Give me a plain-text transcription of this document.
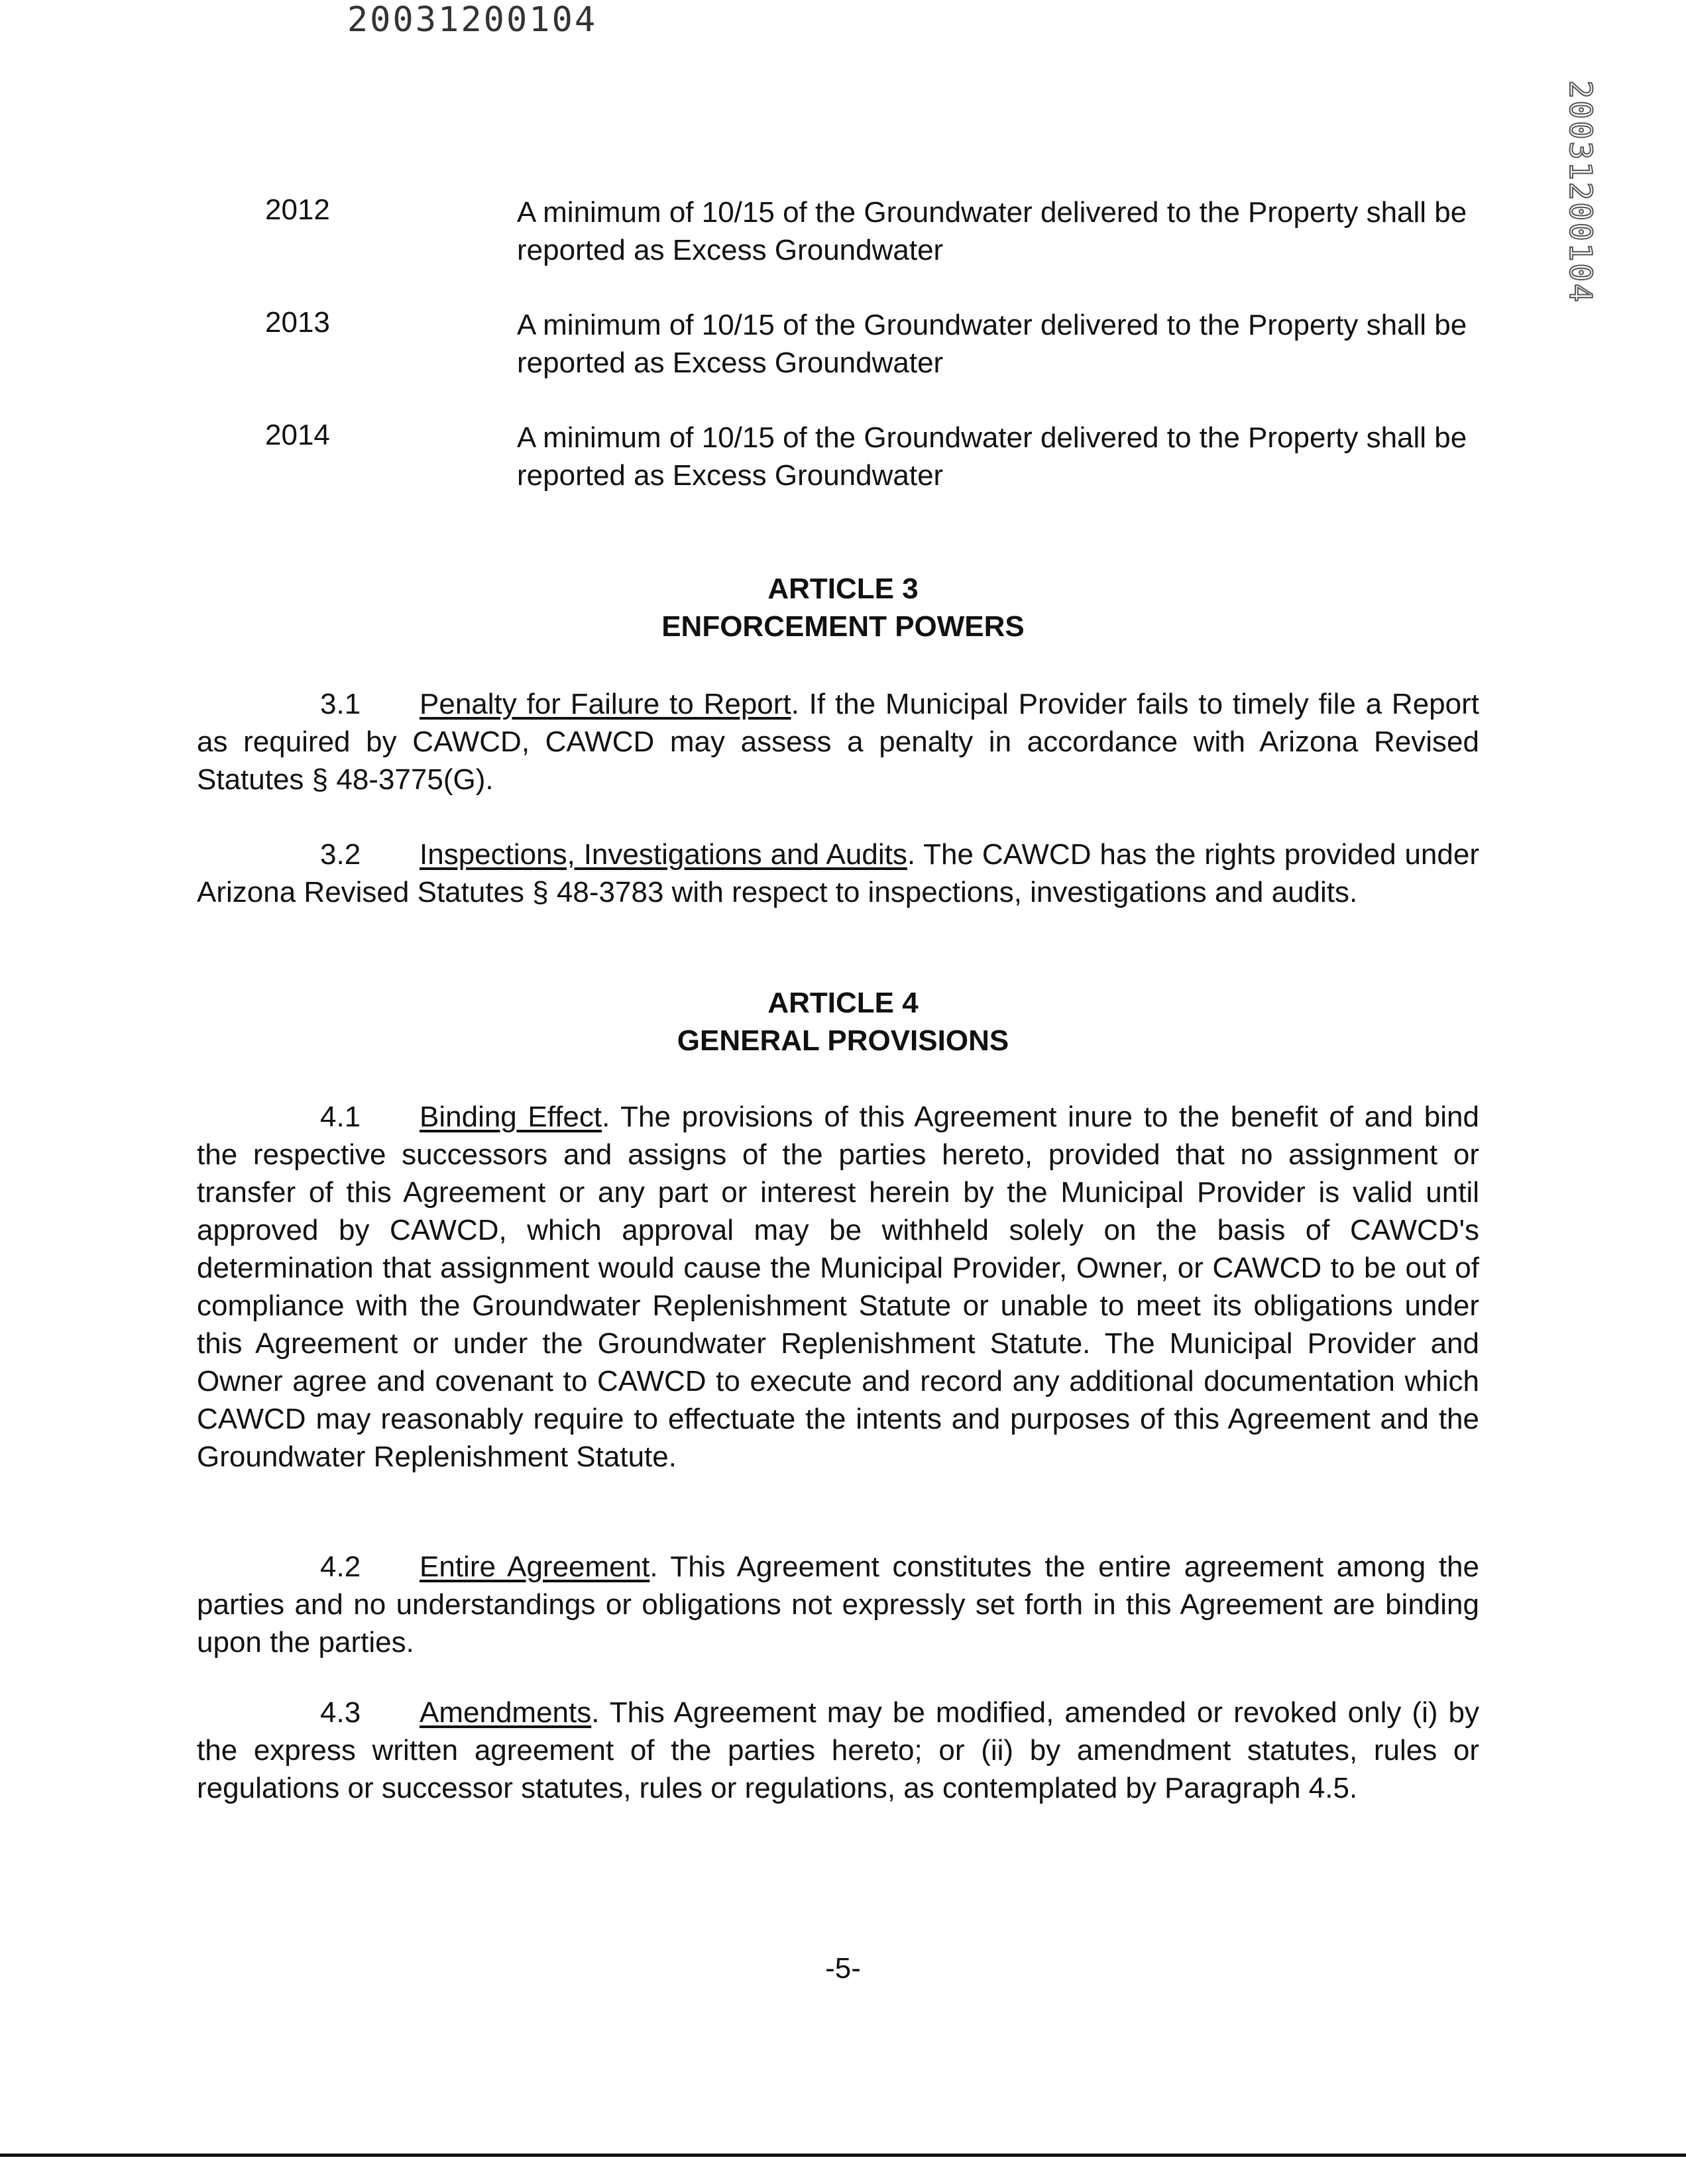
20031200104
20031200104
2012	A minimum of 10/15 of the Groundwater delivered to the Property shall be reported as Excess Groundwater
2013	A minimum of 10/15 of the Groundwater delivered to the Property shall be reported as Excess Groundwater
2014	A minimum of 10/15 of the Groundwater delivered to the Property shall be reported as Excess Groundwater
ARTICLE 3
ENFORCEMENT POWERS
3.1 Penalty for Failure to Report. If the Municipal Provider fails to timely file a Report as required by CAWCD, CAWCD may assess a penalty in accordance with Arizona Revised Statutes § 48-3775(G).
3.2 Inspections, Investigations and Audits. The CAWCD has the rights provided under Arizona Revised Statutes § 48-3783 with respect to inspections, investigations and audits.
ARTICLE 4
GENERAL PROVISIONS
4.1 Binding Effect. The provisions of this Agreement inure to the benefit of and bind the respective successors and assigns of the parties hereto, provided that no assignment or transfer of this Agreement or any part or interest herein by the Municipal Provider is valid until approved by CAWCD, which approval may be withheld solely on the basis of CAWCD's determination that assignment would cause the Municipal Provider, Owner, or CAWCD to be out of compliance with the Groundwater Replenishment Statute or unable to meet its obligations under this Agreement or under the Groundwater Replenishment Statute. The Municipal Provider and Owner agree and covenant to CAWCD to execute and record any additional documentation which CAWCD may reasonably require to effectuate the intents and purposes of this Agreement and the Groundwater Replenishment Statute.
4.2 Entire Agreement. This Agreement constitutes the entire agreement among the parties and no understandings or obligations not expressly set forth in this Agreement are binding upon the parties.
4.3 Amendments. This Agreement may be modified, amended or revoked only (i) by the express written agreement of the parties hereto; or (ii) by amendment statutes, rules or regulations or successor statutes, rules or regulations, as contemplated by Paragraph 4.5.
-5-
